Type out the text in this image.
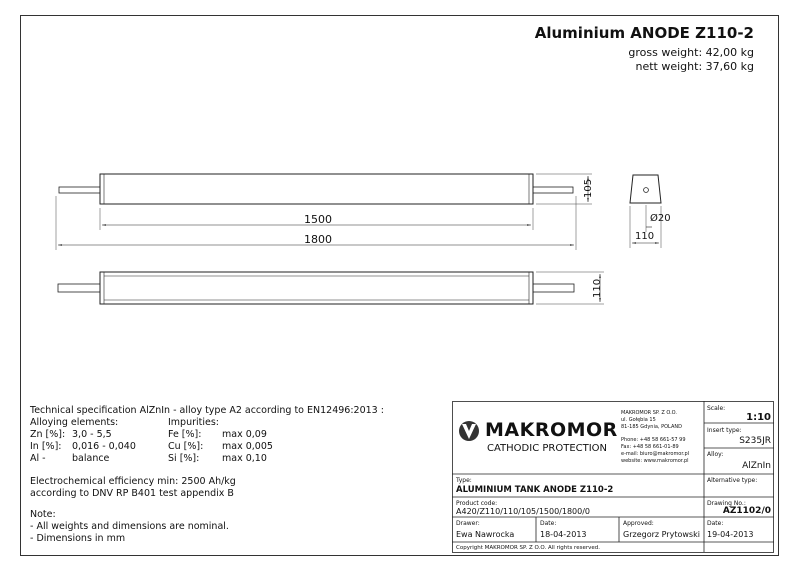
Aluminium ANODE Z110-2
gross weight: 42,00 kg
nett weight: 37,60 kg
105
1500
1800
Ø20
110
110
Technical specification AlZnIn - alloy type A2 according to EN12496:2013 :
Alloying elements:	Impurities:
Zn [%]: 3,0 - 5,5	Fe [%]: max 0,09
In [%]: 0,016 - 0,040	Cu [%]: max 0,005
Al -	balance	Si [%]: max 0,10
Electrochemical efficiency min: 2500 Ah/kg
according to DNV RP B401 test appendix B
Note:
- All weights and dimensions are nominal.
- Dimensions in mm
MAKROMOR
CATHODIC PROTECTION
MAKROMOR SP. Z O.O.
ul. Gołębia 15
81-185 Gdynia, POLAND
Phone: +48 58 661-57 99
Fax: +48 58 661-01-89
e-mail: biuro@makromor.pl
website: www.makromor.pl
Scale:
1:10
Insert type:
S235JR
Alloy:
AlZnIn
Type:
ALUMINIUM TANK ANODE Z110-2
Alternative type:
Product code:
A420/Z110/110/105/1500/1800/0
Drawing No.:
AZ1102/0
Drawer:
Ewa Nawrocka
Date:
18-04-2013
Approved:
Grzegorz Prytowski
Date:
19-04-2013
Copyright MAKROMOR SP. Z O.O. All rights reserved.
